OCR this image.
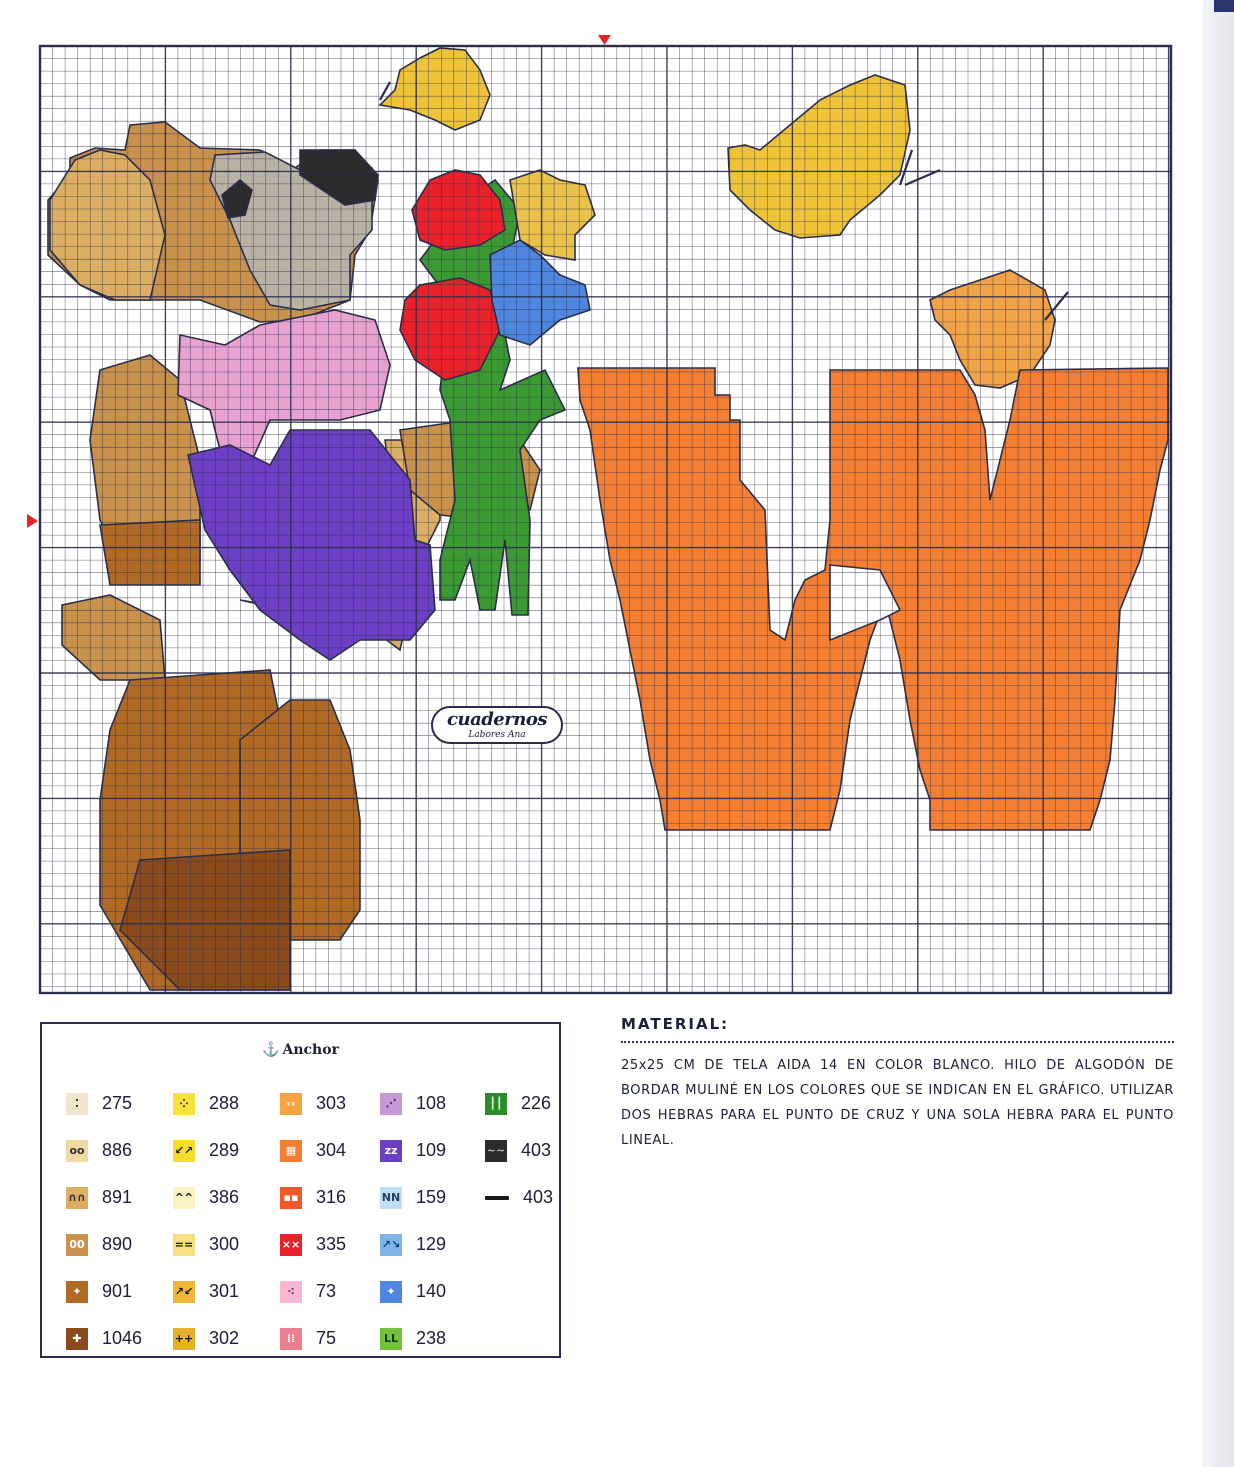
cuadernos
Labores Ana
⚓ Anchor
⁚	275	⁘	288	‹‹	303	⋰	108	┃┃ 226
oo 886	↙↗ 289	▦	304	zz 109	~~ 403
∩∩ 891	^^ 386	▪▪ 316	NN 159	403
00 890	== 300	×× 335	↗↘ 129
✦	901	↗↙ 301	⁖	73	✦	140
✚	1046	++ 302	⁞⁞	75	LL 238
MATERIAL:

25x25 CM DE TELA AIDA 14 EN COLOR BLANCO. HILO DE ALGODÓN DE BORDAR MULINÉ EN LOS COLORES QUE SE INDICAN EN EL GRÁFICO. UTILIZAR DOS HEBRAS PARA EL PUNTO DE CRUZ Y UNA SOLA HEBRA PARA EL PUNTO LINEAL.
